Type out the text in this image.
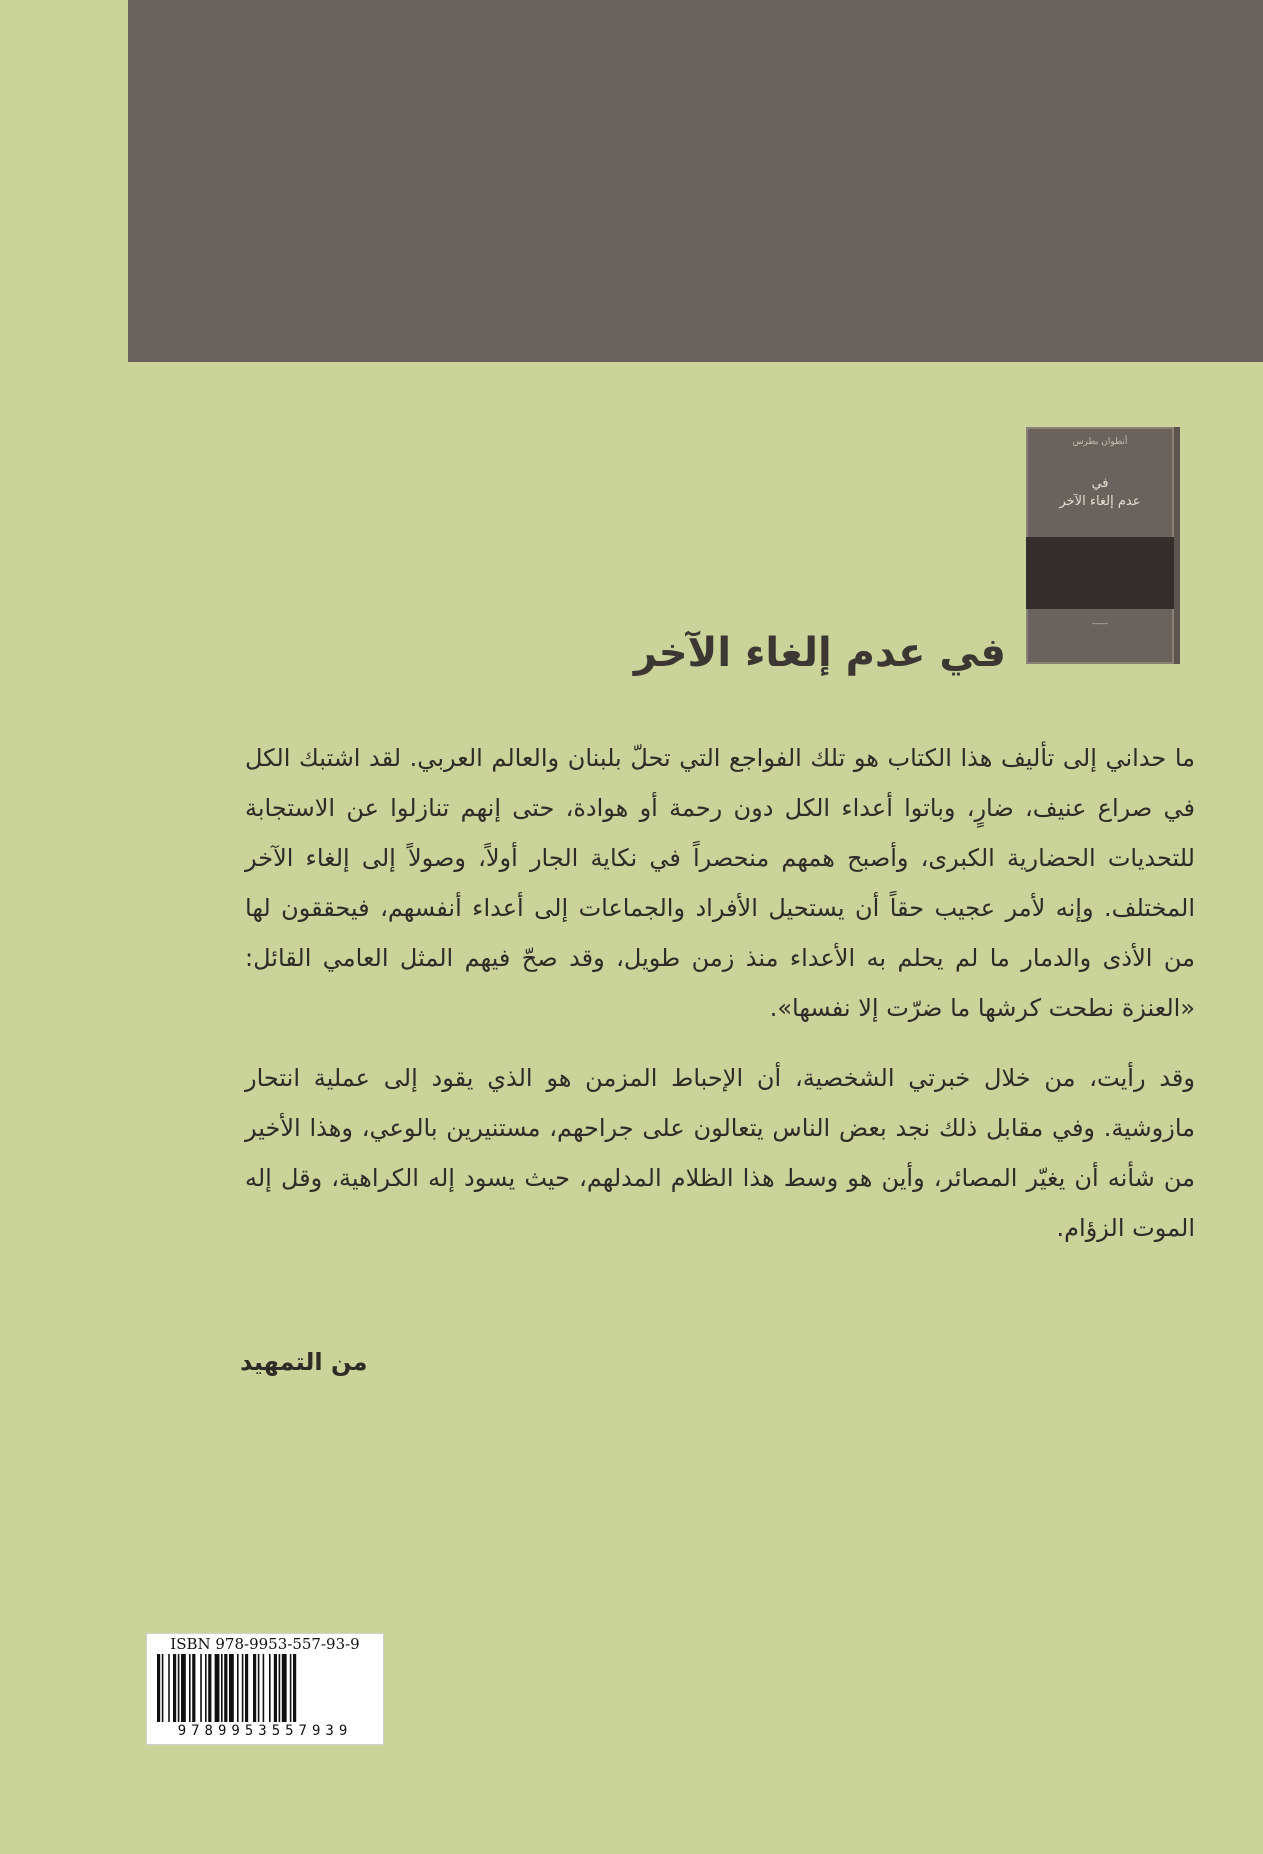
أنطوان بطرس
في
عدم إلغاء الآخر
――
في عدم إلغاء الآخر

ما حداني إلى تأليف هذا الكتاب هو تلك الفواجع التي تحلّ بلبنان والعالم العربي. لقد اشتبك الكل في صراع عنيف، ضارٍ، وباتوا أعداء الكل دون رحمة أو هوادة، حتى إنهم تنازلوا عن الاستجابة للتحديات الحضارية الكبرى، وأصبح همهم منحصراً في نكاية الجار أولاً، وصولاً إلى إلغاء الآخر المختلف. وإنه لأمر عجيب حقاً أن يستحيل الأفراد والجماعات إلى أعداء أنفسهم، فيحققون لها من الأذى والدمار ما لم يحلم به الأعداء منذ زمن طويل، وقد صحّ فيهم المثل العامي القائل: «العنزة نطحت كرشها ما ضرّت إلا نفسها».

وقد رأيت، من خلال خبرتي الشخصية، أن الإحباط المزمن هو الذي يقود إلى عملية انتحار مازوشية. وفي مقابل ذلك نجد بعض الناس يتعالون على جراحهم، مستنيرين بالوعي، وهذا الأخير من شأنه أن يغيّر المصائر، وأين هو وسط هذا الظلام المدلهم، حيث يسود إله الكراهية، وقل إله الموت الزؤام.

من التمهيد
ISBN 978-9953-557-93-9
9789953557939
